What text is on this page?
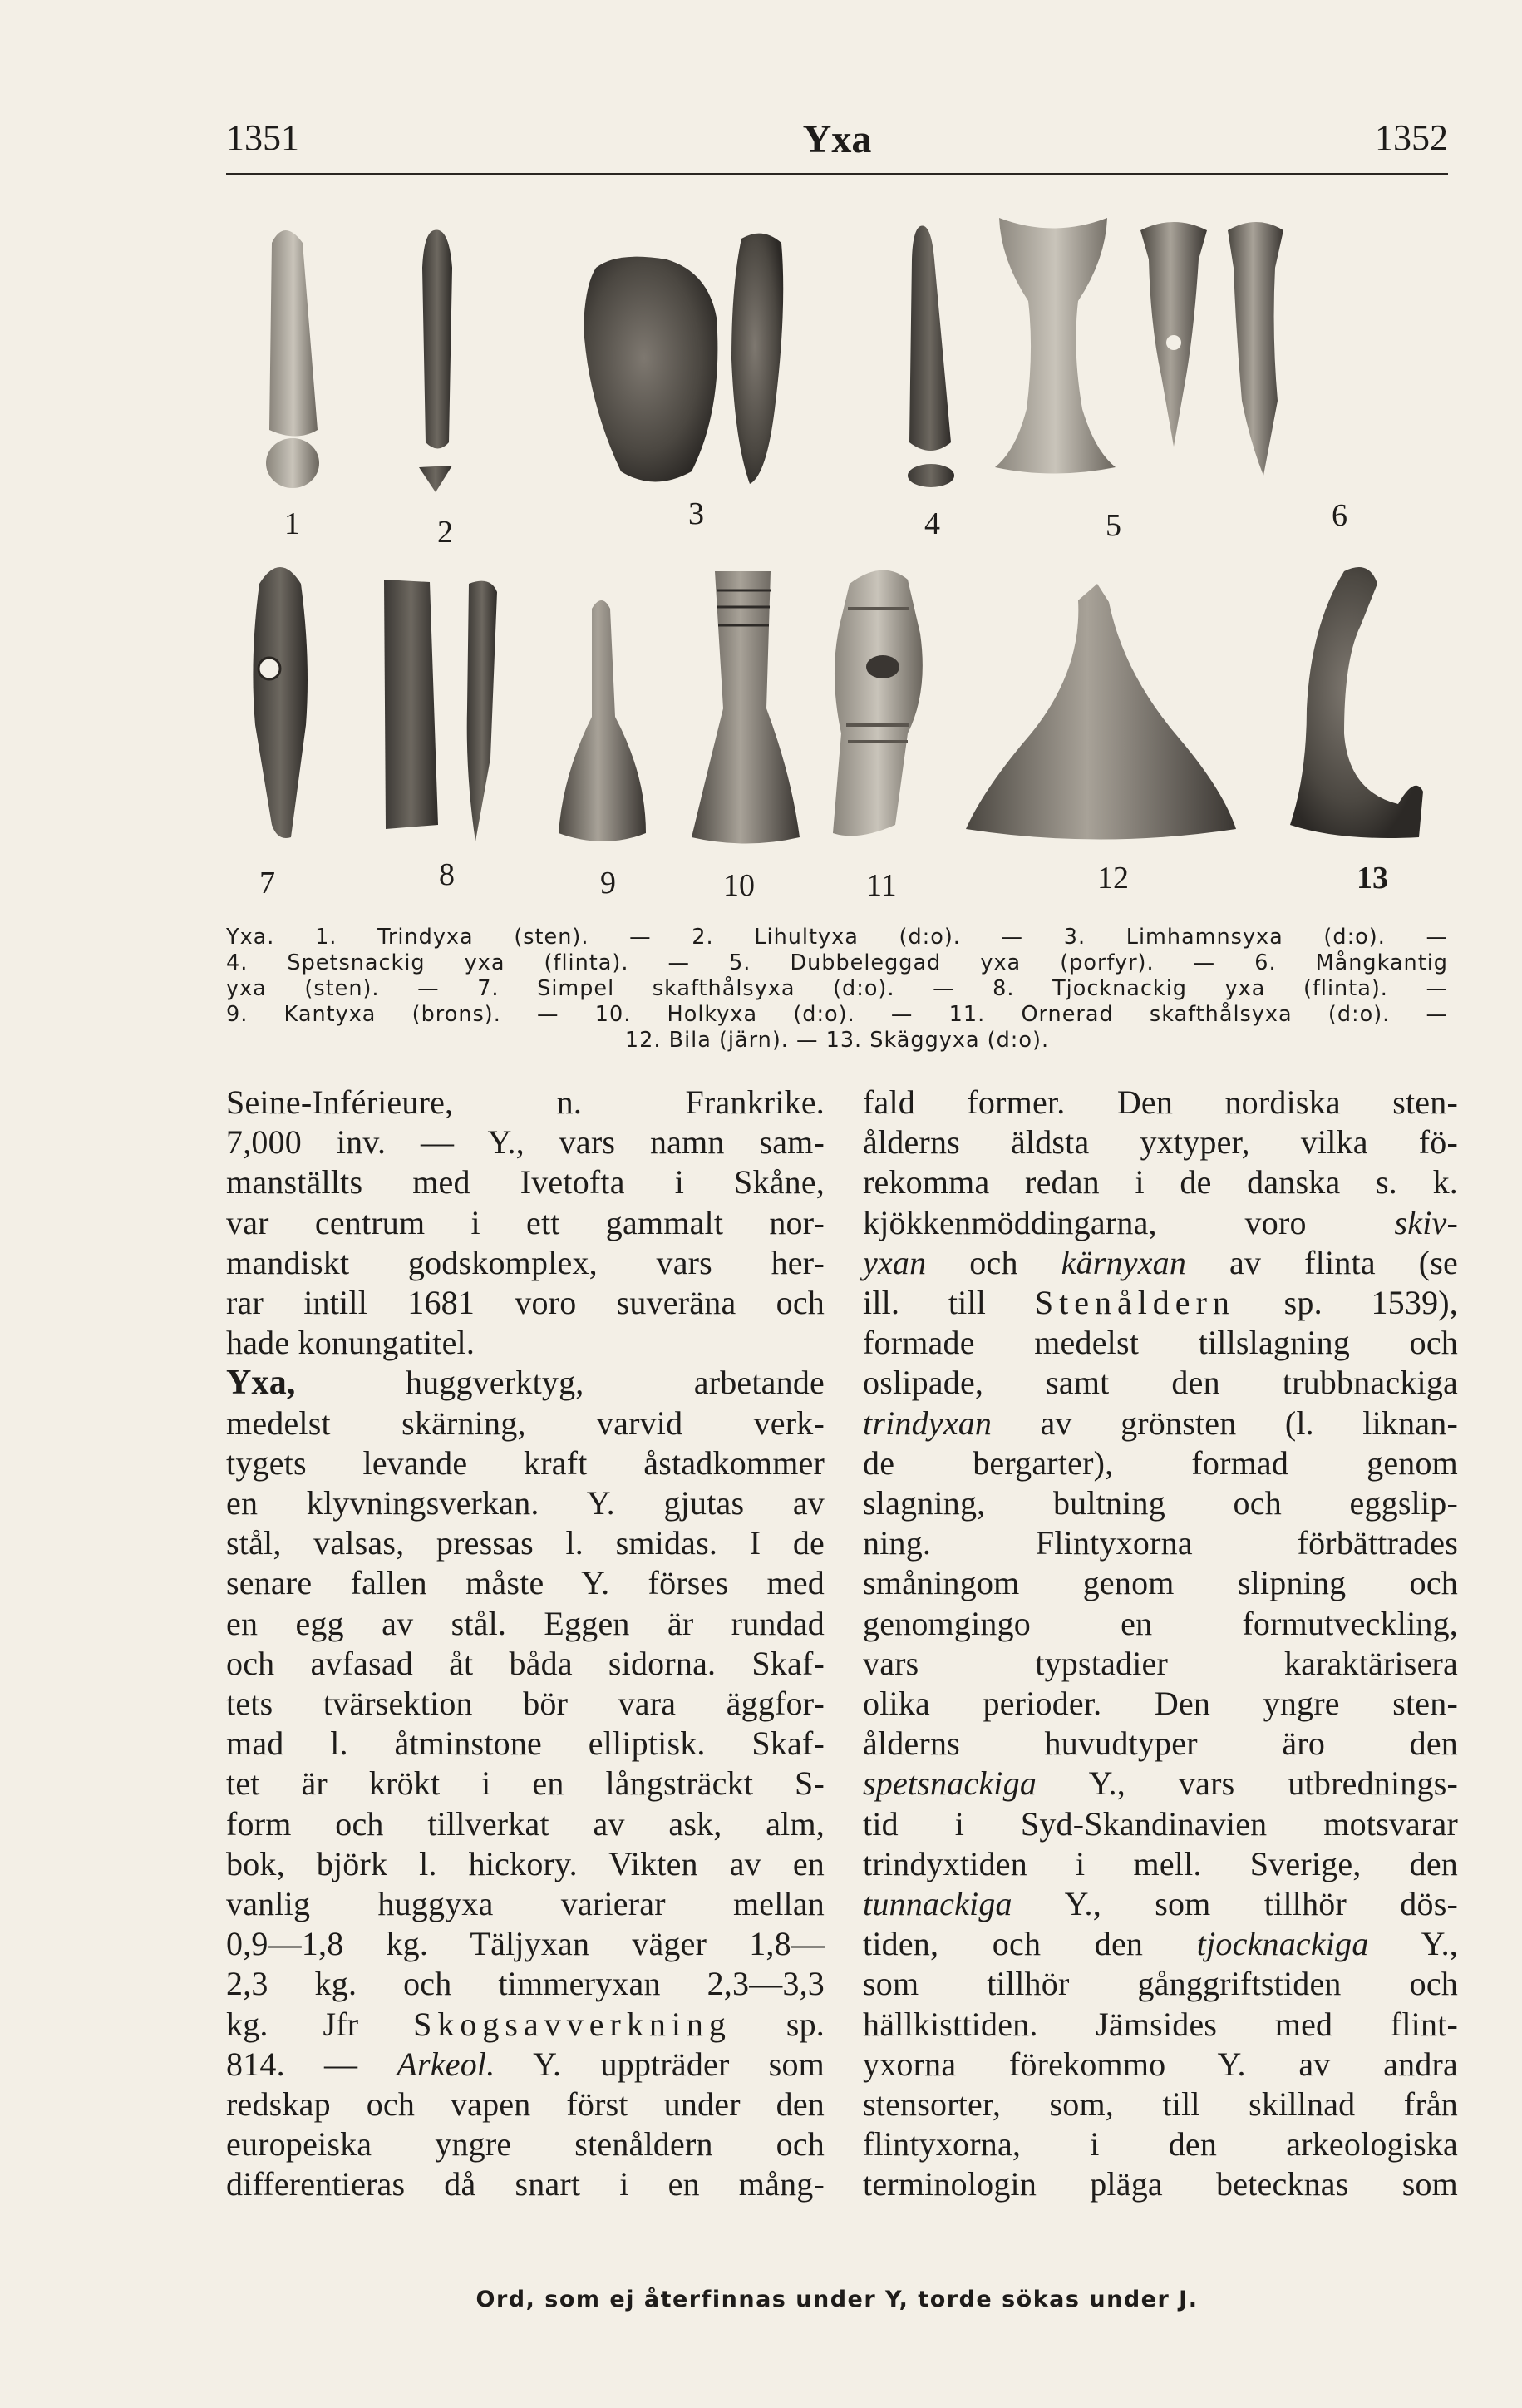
1351	Yxa	1352
1	2
3	4	5	6
7	8	9	10	11	12	13
Yxa. 1. Trindyxa (sten). — 2. Lihultyxa (d:o). — 3. Limhamnsyxa (d:o). —
4. Spetsnackig yxa (flinta). — 5. Dubbeleggad yxa (porfyr). — 6. Mångkantig
yxa (sten). — 7. Simpel skafthålsyxa (d:o). — 8. Tjocknackig yxa (flinta). —
9. Kantyxa (brons). — 10. Holkyxa (d:o). — 11. Ornerad skafthålsyxa (d:o). —
12. Bila (järn). — 13. Skäggyxa (d:o).
Seine-Inférieure, n. Frankrike.
7,000 inv. — Y., vars namn sam-
manställts med Ivetofta i Skåne,
var centrum i ett gammalt nor-
mandiskt godskomplex, vars her-
rar intill 1681 voro suveräna och
hade konungatitel.
Yxa, huggverktyg, arbetande
medelst skärning, varvid verk-
tygets levande kraft åstadkommer
en klyvningsverkan. Y. gjutas av
stål, valsas, pressas l. smidas. I de
senare fallen måste Y. förses med
en egg av stål. Eggen är rundad
och avfasad åt båda sidorna. Skaf-
tets tvärsektion bör vara äggfor-
mad l. åtminstone elliptisk. Skaf-
tet är krökt i en långsträckt S-
form och tillverkat av ask, alm,
bok, björk l. hickory. Vikten av en
vanlig huggyxa varierar mellan
0,9—1,8 kg. Täljyxan väger 1,8—
2,3 kg. och timmeryxan 2,3—3,3
kg. Jfr Skogsavverkning sp.
814. — Arkeol. Y. uppträder som
redskap och vapen först under den
europeiska yngre stenåldern och
differentieras då snart i en mång-
fald former. Den nordiska sten-
ålderns äldsta yxtyper, vilka fö-
rekomma redan i de danska s. k.
kjökkenmöddingarna, voro skiv-
yxan och kärnyxan av flinta (se
ill. till Stenåldern sp. 1539),
formade medelst tillslagning och
oslipade, samt den trubbnackiga
trindyxan av grönsten (l. liknan-
de bergarter), formad genom
slagning, bultning och eggslip-
ning. Flintyxorna förbättrades
småningom genom slipning och
genomgingo en formutveckling,
vars typstadier karaktärisera
olika perioder. Den yngre sten-
ålderns huvudtyper äro den
spetsnackiga Y., vars utbrednings-
tid i Syd-Skandinavien motsvarar
trindyxtiden i mell. Sverige, den
tunnackiga Y., som tillhör dös-
tiden, och den tjocknackiga Y.,
som tillhör gånggriftstiden och
hällkisttiden. Jämsides med flint-
yxorna förekommo Y. av andra
stensorter, som, till skillnad från
flintyxorna, i den arkeologiska
terminologin pläga betecknas som
Ord, som ej återfinnas under Y, torde sökas under J.
